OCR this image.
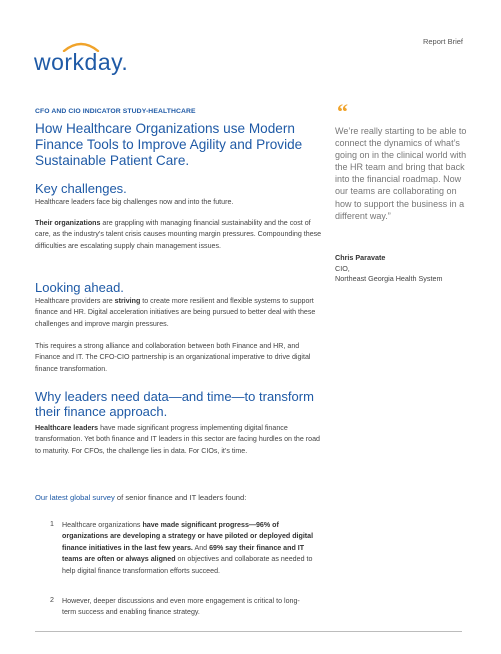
workday.
Report Brief
CFO AND CIO INDICATOR STUDY-HEALTHCARE
How Healthcare Organizations use Modern Finance Tools to Improve Agility and Provide Sustainable Patient Care.
Key challenges.
Healthcare leaders face big challenges now and into the future.
Their organizations are grappling with managing financial sustainability and the cost of care, as the industry’s talent crisis causes mounting margin pressures. Compounding these difficulties are escalating supply chain management issues.
Looking ahead.
Healthcare providers are striving to create more resilient and flexible systems to support finance and HR. Digital acceleration initiatives are being pursued to better deal with these challenges and improve margin pressures.
This requires a strong alliance and collaboration between both Finance and HR, and Finance and IT. The CFO-CIO partnership is an organizational imperative to drive digital finance transformation.
Why leaders need data—and time—to transform their finance approach.
Healthcare leaders have made significant progress implementing digital finance transformation. Yet both finance and IT leaders in this sector are facing hurdles on the road to maturity. For CFOs, the challenge lies in data. For CIOs, it’s time.
Our latest global survey of senior finance and IT leaders found:
1 Healthcare organizations have made significant progress—96% of organizations are developing a strategy or have piloted or deployed digital finance initiatives in the last few years. And 69% say their finance and IT teams are often or always aligned on objectives and collaborate as needed to help digital finance transformation efforts succeed.
2 However, deeper discussions and even more engagement is critical to long-term success and enabling finance strategy.
“
We’re really starting to be able to connect the dynamics of what’s going on in the clinical world with the HR team and bring that back into the financial roadmap. Now our teams are collaborating on how to support the business in a different way.”
Chris Paravate
CIO,
Northeast Georgia Health System
